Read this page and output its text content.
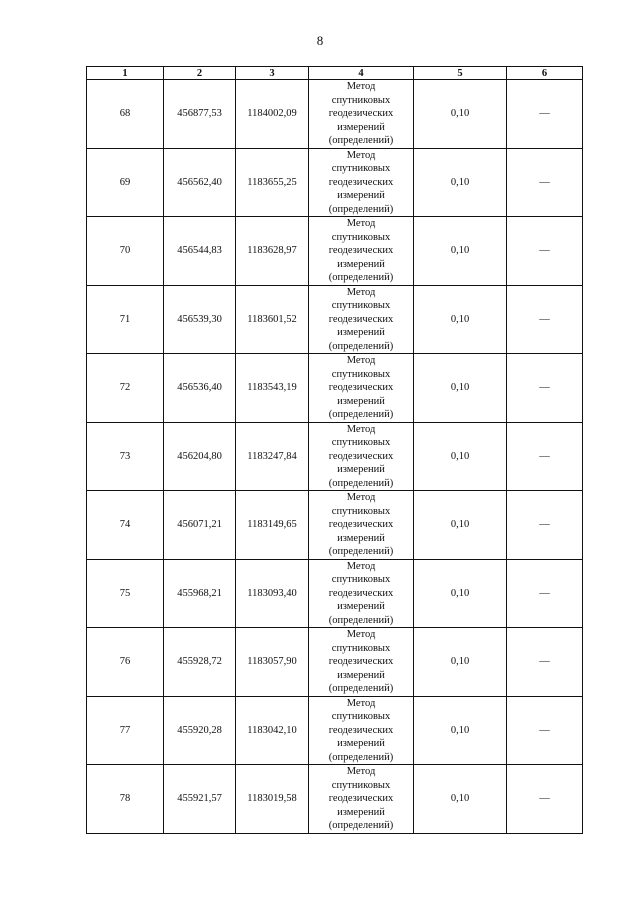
8
1	2	3	4	5	6
68	456877,53	1184002,09	Метод
спутниковых
геодезических
измерений
(определений)	0,10	—
69	456562,40	1183655,25	Метод
спутниковых
геодезических
измерений
(определений)	0,10	—
70	456544,83	1183628,97	Метод
спутниковых
геодезических
измерений
(определений)	0,10	—
71	456539,30	1183601,52	Метод
спутниковых
геодезических
измерений
(определений)	0,10	—
72	456536,40	1183543,19	Метод
спутниковых
геодезических
измерений
(определений)	0,10	—
73	456204,80	1183247,84	Метод
спутниковых
геодезических
измерений
(определений)	0,10	—
74	456071,21	1183149,65	Метод
спутниковых
геодезических
измерений
(определений)	0,10	—
75	455968,21	1183093,40	Метод
спутниковых
геодезических
измерений
(определений)	0,10	—
76	455928,72	1183057,90	Метод
спутниковых
геодезических
измерений
(определений)	0,10	—
77	455920,28	1183042,10	Метод
спутниковых
геодезических
измерений
(определений)	0,10	—
78	455921,57	1183019,58	Метод
спутниковых
геодезических
измерений
(определений)	0,10	—
